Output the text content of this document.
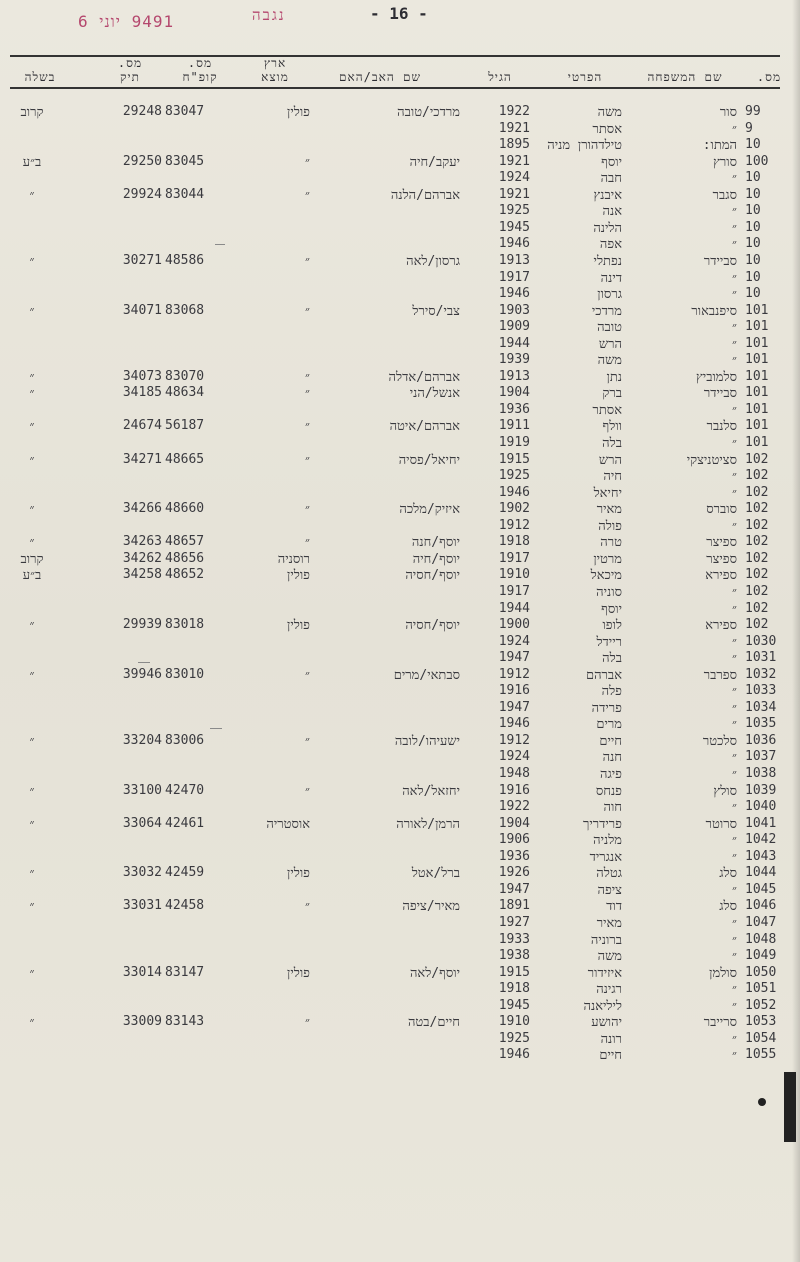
1949 יוני 6	נגבה	- 16 -
מס.
שם המשפחה
הפרטי
הגיל
שם האב/האם
ארץ
מוצא
מס.
קופ"ח
מס.
תיק
בשלה
99
סור
משה
1922
מרדכי/טובה
פולין
83047
29248
קרוב
9
״
אסתר
1921
10
המתו:
טילדהורן מניה
1895
100
סורץ
יוסף
1921
יעקב/חיה
״
83045
29250
ב״ע
10
״
חבה
1924
10
סגבר
איבנץ
1921
אברהם/הלנה
״
83044
29924
״
10
״
אנה
1925
10
״
הלינה
1945
10
״
אפה
1946
10
סביידר
נפתלי
1913
גרסון/לאה
״
48586
30271
״
10
״
דינה
1917
10
״
גרסון
1946
101
סיפנבאור
מרדכי
1903
צבי/סירל
״
83068
34071
״
101
״
טובה
1909
101
״
הרש
1944
101
״
משה
1939
101
סלמוביץ
נתן
1913
אברהם/אדלה
״
83070
34073
״
101
סביידר
ברק
1904
אנשל/הני
״
48634
34185
״
101
״
אסתר
1936
101
סלנבר
וולף
1911
אברהם/איטה
״
56187
24674
״
101
״
בלה
1919
102
סציטניצקי
הרש
1915
יחיאל/פסיה
״
48665
34271
״
102
״
חיה
1925
102
״
יחיאל
1946
102
סוברס
מאיר
1902
איזיק/מלכה
״
48660
34266
״
102
״
פולה
1912
102
ספיצר
טרה
1918
יוסף/חנה
״
48657
34263
״
102
ספיצר
מרטין
1917
יוסף/חיה
רוסניה
48656
34262
קרוב
102
ספירא
מיכאל
1910
יוסף/חסיה
פולין
48652
34258
ב״ע
102
״
סוניה
1917
102
״
יוסף
1944
102
ספירא
לופו
1900
יוסף/חסיה
פולין
83018
29939
״
1030
״
ריידל
1924
1031
״
בלה
1947
1032
ספרבר
אברהם
1912
סבתאי/מרים
״
83010
39946
״
1033
״
פלה
1916
1034
״
פרידה
1947
1035
״
מרים
1946
1036
סלכטר
חיים
1912
ישעיהו/לובה
״
83006
33204
״
1037
״
חנה
1924
1038
״
פיגה
1948
1039
סולץ
פנחס
1916
יחזאל/לאה
״
42470
33100
״
1040
״
חוה
1922
1041
סרוטר
פרידריך
1904
הרמן/לאורה
אוסטריה
42461
33064
״
1042
״
מלניה
1906
1043
״
אנגריד
1936
1044
סלג
גטלה
1926
ברל/אטל
פולין
42459
33032
״
1045
״
ציפה
1947
1046
סלג
דוד
1891
מאיר/ציפה
״
42458
33031
״
1047
״
מאיר
1927
1048
״
ברוניה
1933
1049
״
משה
1938
1050
סולמן
איזידור
1915
יוסף/לאה
פולין
83147
33014
״
1051
״
רגינה
1918
1052
״
ליליאנה
1945
1053
סרייבר
יהושע
1910
חיים/בטה
״
83143
33009
״
1054
״
רונה
1925
1055
״
חיים
1946
